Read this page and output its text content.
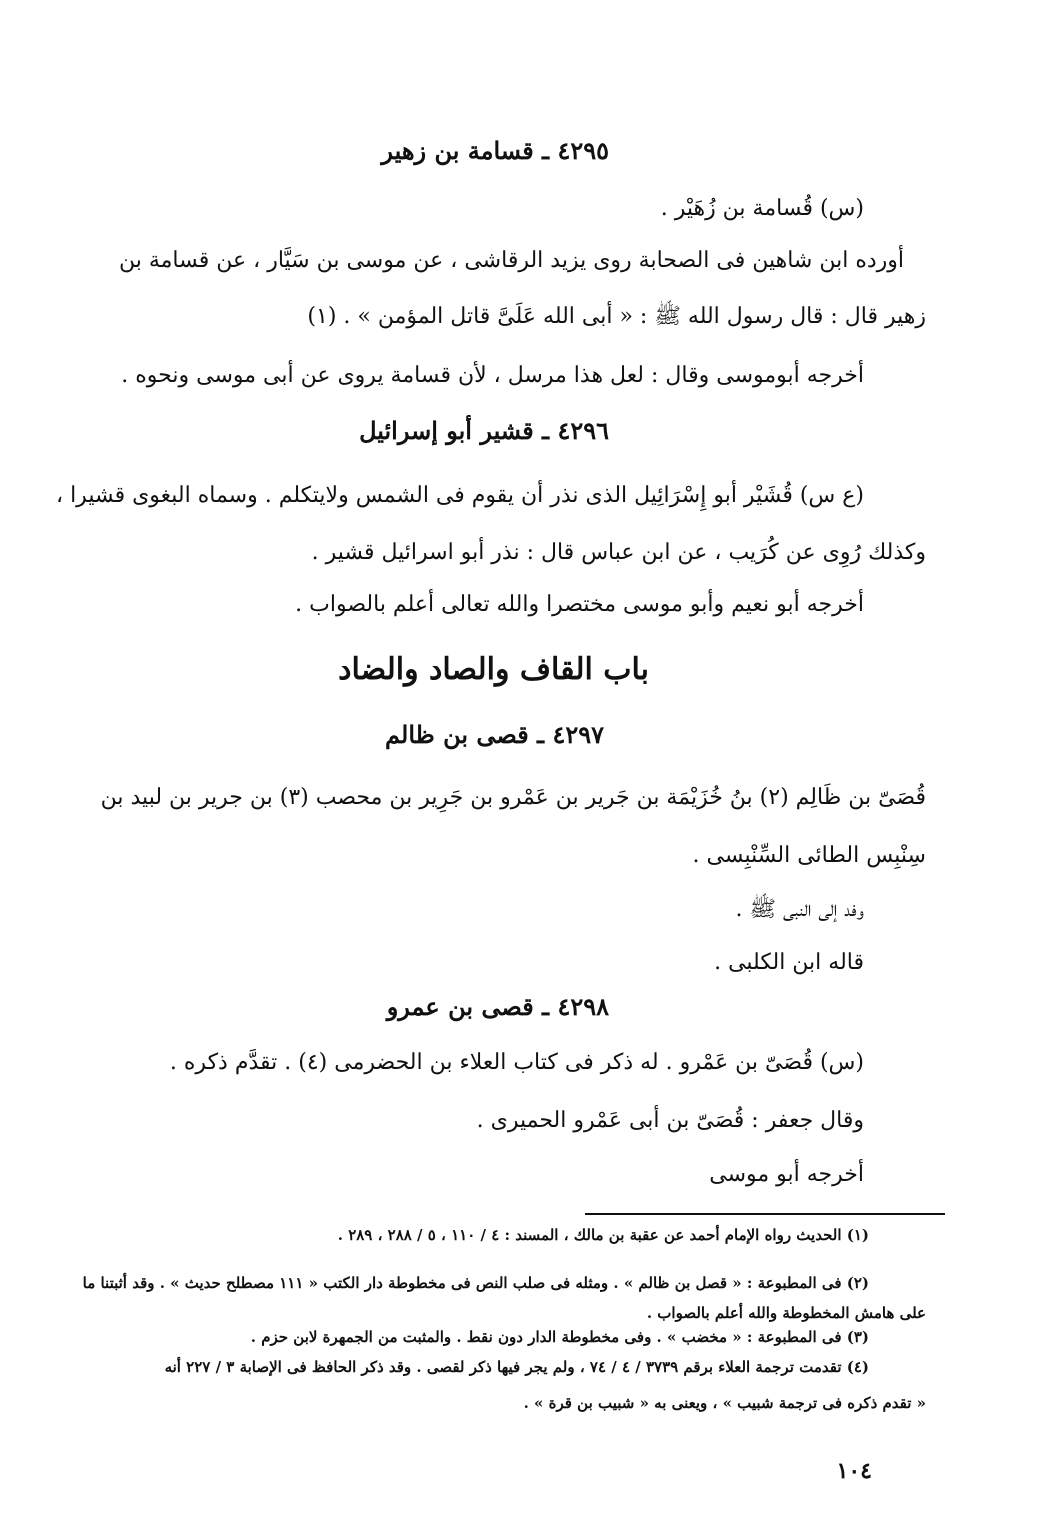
٤٢٩٥ ـ قسامة بن زهير
(س) قُسامة بن زُهَيْر .
أورده ابن شاهين فى الصحابة روى يزيد الرقاشى ، عن موسى بن سَيَّار ، عن قسامة بن
زهير قال : قال رسول الله ﷺ : « أبى الله عَلَىَّ قاتل المؤمن » . (١)
أخرجه أبوموسى وقال : لعل هذا مرسل ، لأن قسامة يروى عن أبى موسى ونحوه .
٤٢٩٦ ـ قشير أبو إسرائيل
(ع س) قُشَيْر أبو إِسْرَائِيل الذى نذر أن يقوم فى الشمس ولايتكلم . وسماه البغوى قشيرا ،
وكذلك رُوِى عن كُرَيب ، عن ابن عباس قال : نذر أبو اسرائيل قشير .
أخرجه أبو نعيم وأبو موسى مختصرا والله تعالى أعلم بالصواب .
باب القاف والصاد والضاد
٤٢٩٧ ـ قصى بن ظالم
قُصَىّ بن ظَالِم (٢) بنُ خُزَيْمَة بن جَرير بن عَمْرو بن جَرِير بن محصب (٣) بن جرير بن لبيد بن
سِنْبِس الطائى السِّنْبِسى .
وفد إلى النبى ﷺ .
قاله ابن الكلبى .
٤٢٩٨ ـ قصى بن عمرو
(س) قُصَىّ بن عَمْرو . له ذكر فى كتاب العلاء بن الحضرمى (٤) . تقدَّم ذكره .
وقال جعفر : قُصَىّ بن أبى عَمْرو الحميرى .
أخرجه أبو موسى
(١) الحديث رواه الإمام أحمد عن عقبة بن مالك ، المسند : ٤ / ١١٠ ، ٥ / ٢٨٨ ، ٢٨٩ .
(٢) فى المطبوعة : « قصل بن ظالم » . ومثله فى صلب النص فى مخطوطة دار الكتب « ١١١ مصطلح حديث » . وقد أثبتنا ما
على هامش المخطوطة والله أعلم بالصواب .
(٣) فى المطبوعة : « مخضب » . وفى مخطوطة الدار دون نقط . والمثبت من الجمهرة لابن حزم .
(٤) تقدمت ترجمة العلاء برقم ٣٧٣٩ / ٤ / ٧٤ ، ولم يجر فيها ذكر لقصى . وقد ذكر الحافظ فى الإصابة ٣ / ٢٢٧ أنه
« تقدم ذكره فى ترجمة شبيب » ، ويعنى به « شبيب بن قرة » .
١٠٤
